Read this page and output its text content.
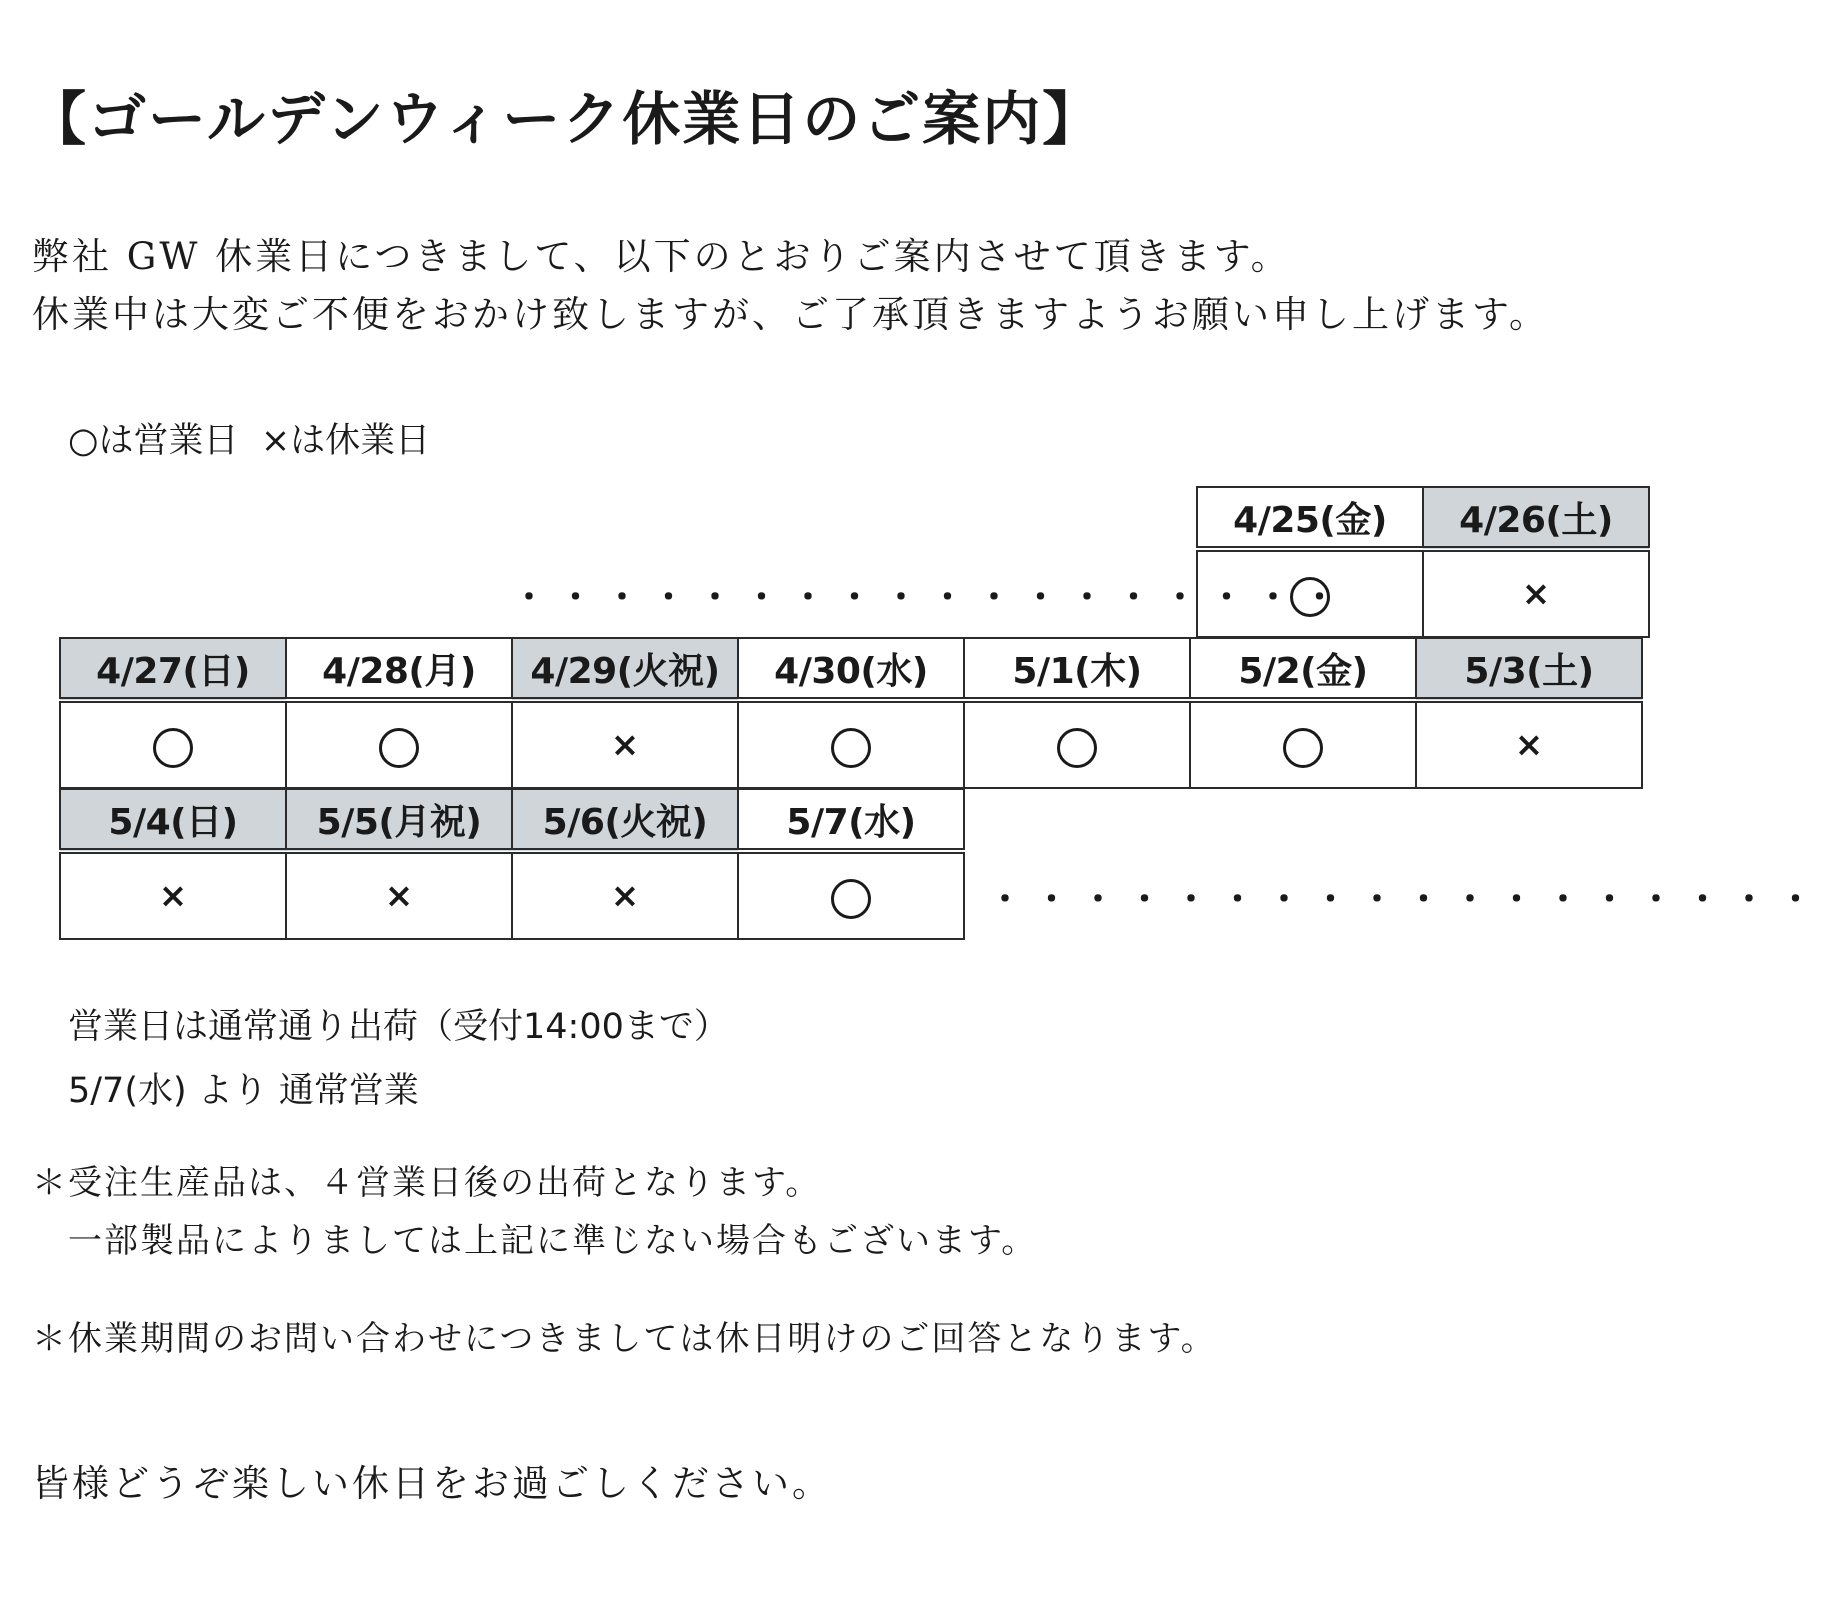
【ゴールデンウィーク休業日のご案内】

弊社 GW 休業日につきまして、以下のとおりご案内させて頂きます。

休業中は大変ご不便をおかけ致しますが、ご了承頂きますようお願い申し上げます。

○は営業日 ×は休業日
4/25(金)	4/26(土)
	×
・・・・・・・・・・・・・・・・・・
4/27(日)	4/28(月)	4/29(火祝)	4/30(水)	5/1(木)	5/2(金)	5/3(土)
		×				×
5/4(日)	5/5(月祝)	5/6(火祝)	5/7(水)
×	×	×		・・・・・・・・・・・・・・・・・・

営業日は通常通り出荷（受付14:00まで）

5/7(水) より 通常営業

＊受注生産品は、４営業日後の出荷となります。

一部製品によりましては上記に準じない場合もございます。

＊休業期間のお問い合わせにつきましては休日明けのご回答となります。

皆様どうぞ楽しい休日をお過ごしください。
